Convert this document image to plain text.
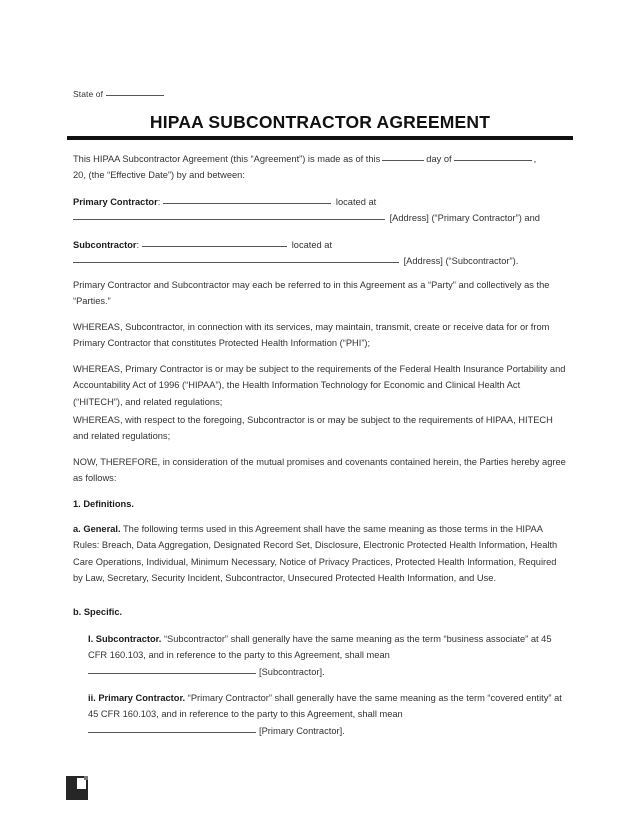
State of
HIPAA SUBCONTRACTOR AGREEMENT
This HIPAA Subcontractor Agreement (this “Agreement”) is made as of this	day of	,
20, (the “Effective Date”) by and between:
Primary Contractor:	located at
[Address] (“Primary Contractor”) and
Subcontractor:	located at
[Address] (“Subcontractor”).
Primary Contractor and Subcontractor may each be referred to in this Agreement as a “Party” and collectively as the “Parties.”
WHEREAS, Subcontractor, in connection with its services, may maintain, transmit, create or receive data for or from Primary Contractor that constitutes Protected Health Information (“PHI”);
WHEREAS, Primary Contractor is or may be subject to the requirements of the Federal Health Insurance Portability and Accountability Act of 1996 (“HIPAA”), the Health Information Technology for Economic and Clinical Health Act (“HITECH”), and related regulations;
WHEREAS, with respect to the foregoing, Subcontractor is or may be subject to the requirements of HIPAA, HITECH and related regulations;
NOW, THEREFORE, in consideration of the mutual promises and covenants contained herein, the Parties hereby agree as follows:
1. Definitions.
a. General. The following terms used in this Agreement shall have the same meaning as those terms in the HIPAA Rules: Breach, Data Aggregation, Designated Record Set, Disclosure, Electronic Protected Health Information, Health Care Operations, Individual, Minimum Necessary, Notice of Privacy Practices, Protected Health Information, Required by Law, Secretary, Security Incident, Subcontractor, Unsecured Protected Health Information, and Use.
b. Specific.
I. Subcontractor. “Subcontractor” shall generally have the same meaning as the term “business associate” at 45 CFR 160.103, and in reference to the party to this Agreement, shall mean
[Subcontractor].
ii. Primary Contractor. “Primary Contractor” shall generally have the same meaning as the term “covered entity” at 45 CFR 160.103, and in reference to the party to this Agreement, shall mean
[Primary Contractor].
